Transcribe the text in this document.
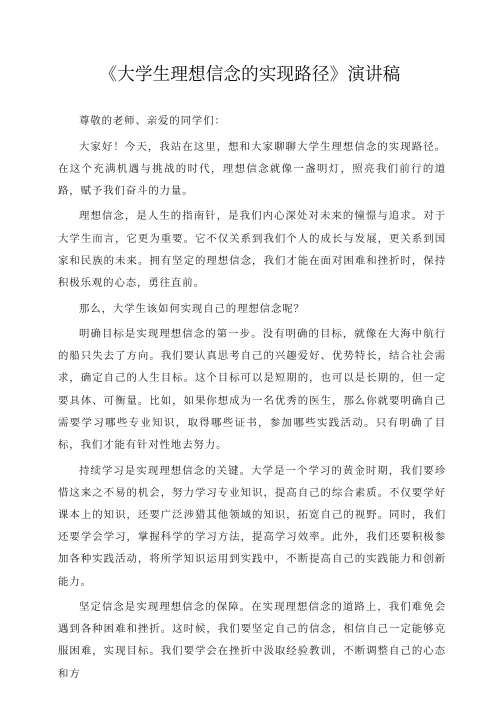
《大学生理想信念的实现路径》演讲稿

尊敬的老师、亲爱的同学们：

大家好！今天，我站在这里，想和大家聊聊大学生理想信念的实现路径。在这个充满机遇与挑战的时代，理想信念就像一盏明灯，照亮我们前行的道路，赋予我们奋斗的力量。

理想信念，是人生的指南针，是我们内心深处对未来的憧憬与追求。对于大学生而言，它更为重要。它不仅关系到我们个人的成长与发展，更关系到国家和民族的未来。拥有坚定的理想信念，我们才能在面对困难和挫折时，保持积极乐观的心态，勇往直前。

那么，大学生该如何实现自己的理想信念呢？

明确目标是实现理想信念的第一步。没有明确的目标，就像在大海中航行的船只失去了方向。我们要认真思考自己的兴趣爱好、优势特长，结合社会需求，确定自己的人生目标。这个目标可以是短期的，也可以是长期的，但一定要具体、可衡量。比如，如果你想成为一名优秀的医生，那么你就要明确自己需要学习哪些专业知识，取得哪些证书，参加哪些实践活动。只有明确了目标，我们才能有针对性地去努力。

持续学习是实现理想信念的关键。大学是一个学习的黄金时期，我们要珍惜这来之不易的机会，努力学习专业知识，提高自己的综合素质。不仅要学好课本上的知识，还要广泛涉猎其他领域的知识，拓宽自己的视野。同时，我们还要学会学习，掌握科学的学习方法，提高学习效率。此外，我们还要积极参加各种实践活动，将所学知识运用到实践中，不断提高自己的实践能力和创新能力。

坚定信念是实现理想信念的保障。在实现理想信念的道路上，我们难免会遇到各种困难和挫折。这时候，我们要坚定自己的信念，相信自己一定能够克服困难，实现目标。我们要学会在挫折中汲取经验教训，不断调整自己的心态和方
